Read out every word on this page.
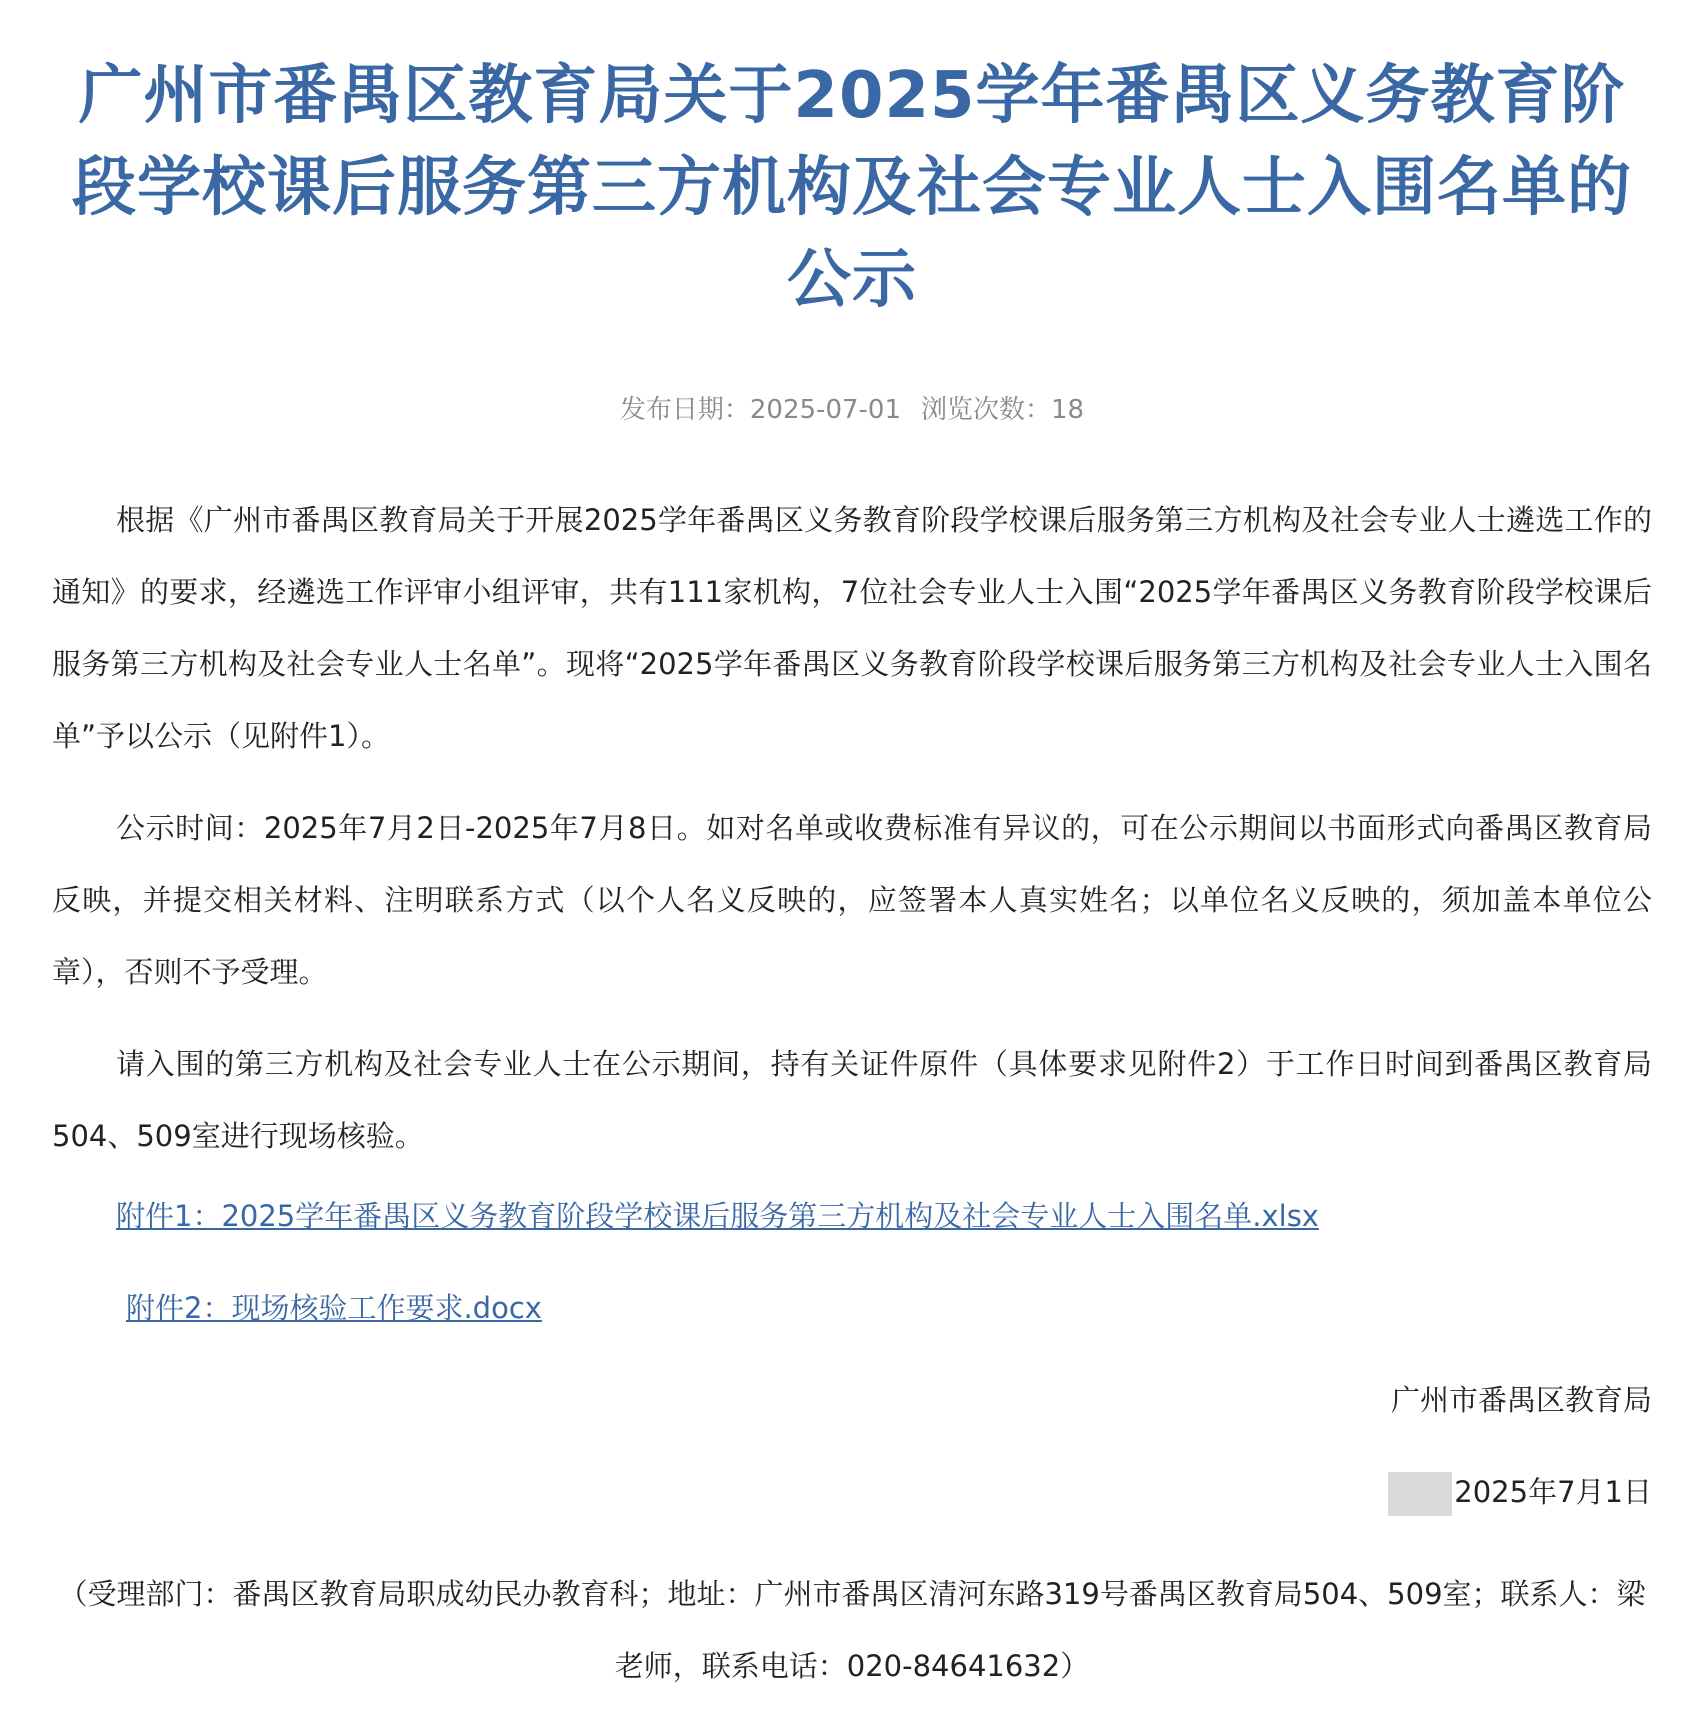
广州市番禺区教育局关于2025学年番禺区义务教育阶段学校课后服务第三方机构及社会专业人士入围名单的公示
发布日期：2025-07-01 浏览次数：18

根据《广州市番禺区教育局关于开展2025学年番禺区义务教育阶段学校课后服务第三方机构及社会专业人士遴选工作的通知》的要求，经遴选工作评审小组评审，共有111家机构，7位社会专业人士入围“2025学年番禺区义务教育阶段学校课后服务第三方机构及社会专业人士名单”。现将“2025学年番禺区义务教育阶段学校课后服务第三方机构及社会专业人士入围名单”予以公示（见附件1）。

公示时间：2025年7月2日-2025年7月8日。如对名单或收费标准有异议的，可在公示期间以书面形式向番禺区教育局反映，并提交相关材料、注明联系方式（以个人名义反映的，应签署本人真实姓名；以单位名义反映的，须加盖本单位公章），否则不予受理。

请入围的第三方机构及社会专业人士在公示期间，持有关证件原件（具体要求见附件2）于工作日时间到番禺区教育局504、509室进行现场核验。

附件1：2025学年番禺区义务教育阶段学校课后服务第三方机构及社会专业人士入围名单.xlsx

附件2：现场核验工作要求.docx

广州市番禺区教育局
2025年7月1日
（受理部门：番禺区教育局职成幼民办教育科；地址：广州市番禺区清河东路319号番禺区教育局504、509室；联系人：梁老师，联系电话：020-84641632）
